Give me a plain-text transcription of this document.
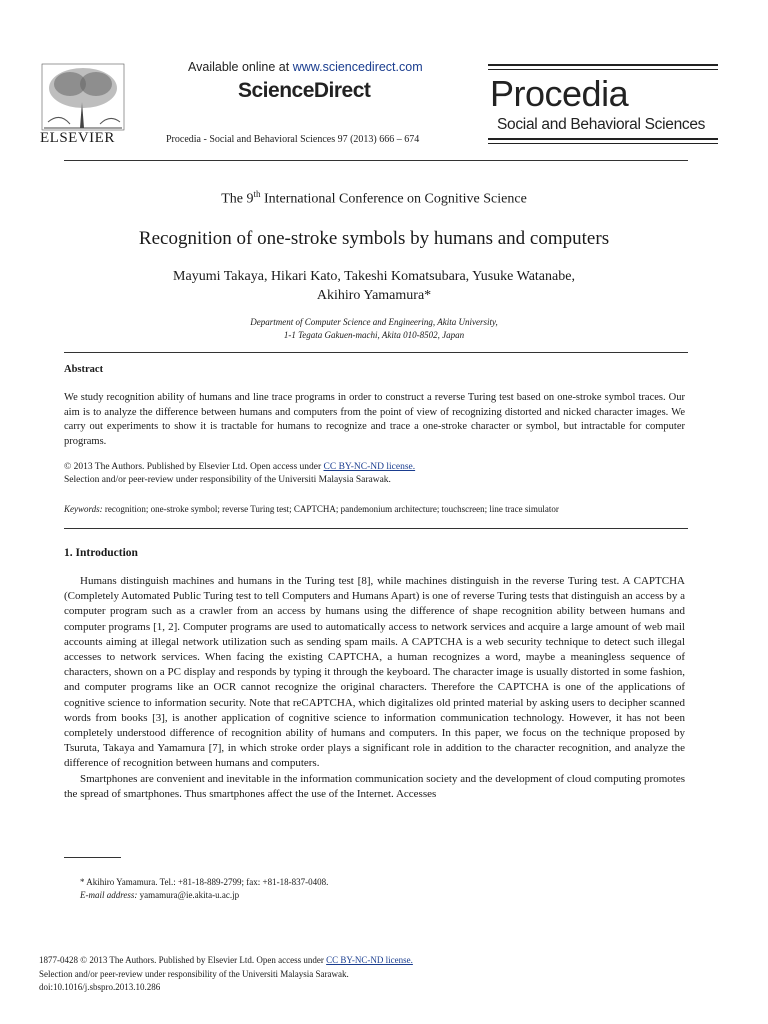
ELSEVIER
Available online at www.sciencedirect.com
ScienceDirect
Procedia - Social and Behavioral Sciences 97 (2013) 666 – 674
Procedia
Social and Behavioral Sciences
The 9th International Conference on Cognitive Science
Recognition of one-stroke symbols by humans and computers
Mayumi Takaya, Hikari Kato, Takeshi Komatsubara, Yusuke Watanabe,
Akihiro Yamamura*
Department of Computer Science and Engineering, Akita University,
1-1 Tegata Gakuen-machi, Akita 010-8502, Japan
Abstract
We study recognition ability of humans and line trace programs in order to construct a reverse Turing test based on one-stroke symbol traces. Our aim is to analyze the difference between humans and computers from the point of view of recognizing distorted and nicked character images. We carry out experiments to show it is tractable for humans to recognize and trace a one-stroke character or symbol, but intractable for computer programs.
© 2013 The Authors. Published by Elsevier Ltd. Open access under CC BY-NC-ND license.
Selection and/or peer-review under responsibility of the Universiti Malaysia Sarawak.
Keywords: recognition; one-stroke symbol; reverse Turing test; CAPTCHA; pandemonium architecture; touchscreen; line trace simulator
1. Introduction

Humans distinguish machines and humans in the Turing test [8], while machines distinguish in the reverse Turing test. A CAPTCHA (Completely Automated Public Turing test to tell Computers and Humans Apart) is one of reverse Turing tests that distinguish an access by a computer program such as a crawler from an access by humans using the difference of shape recognition ability between humans and computer programs [1, 2]. Computer programs are used to automatically access to network services and acquire a large amount of web mail accounts aiming at illegal network utilization such as sending spam mails. A CAPTCHA is a web security technique to detect such illegal accesses to network services. When facing the existing CAPTCHA, a human recognizes a word, maybe a meaningless sequence of characters, shown on a PC display and responds by typing it through the keyboard. The character image is usually distorted in some fashion, and computer programs like an OCR cannot recognize the original characters. Therefore the CAPTCHA is one of the applications of cognitive science to information security. Note that reCAPTCHA, which digitalizes old printed material by asking users to decipher scanned words from books [3], is another application of cognitive science to information communication technology. However, it has not been completely understood difference of recognition ability of humans and computers. In this paper, we focus on the technique proposed by Tsuruta, Takaya and Yamamura [7], in which stroke order plays a significant role in addition to the character recognition, and analyze the difference of recognition between humans and computers.

Smartphones are convenient and inevitable in the information communication society and the development of cloud computing promotes the spread of smartphones. Thus smartphones affect the use of the Internet. Accesses

* Akihiro Yamamura. Tel.: +81-18-889-2799; fax: +81-18-837-0408.
E-mail address: yamamura@ie.akita-u.ac.jp
1877-0428 © 2013 The Authors. Published by Elsevier Ltd. Open access under CC BY-NC-ND license.
Selection and/or peer-review under responsibility of the Universiti Malaysia Sarawak.
doi:10.1016/j.sbspro.2013.10.286
